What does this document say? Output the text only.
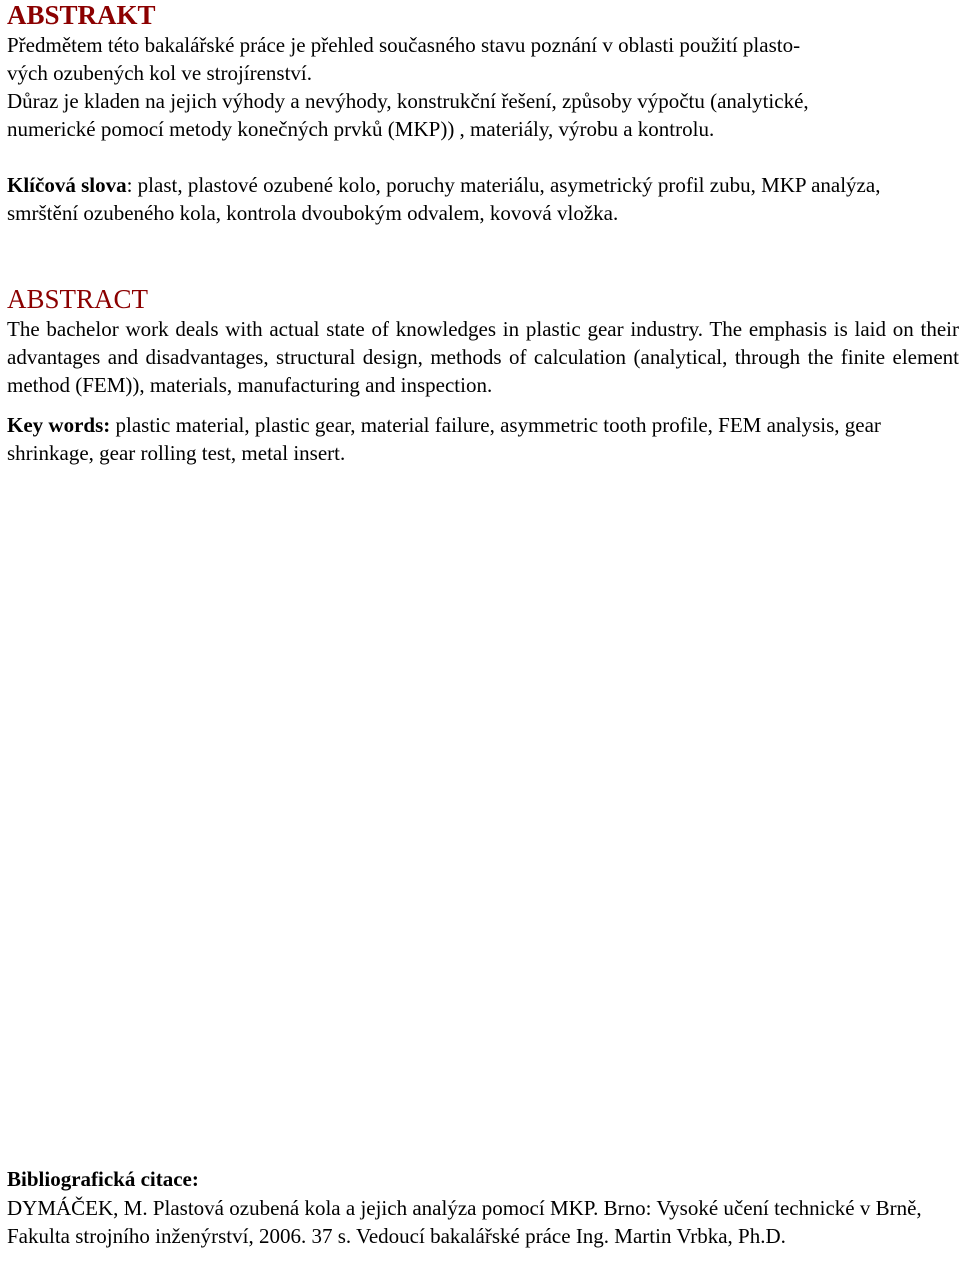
ABSTRAKT
Předmětem této bakalářské práce je přehled současného stavu poznání v oblasti použití plasto-
vých ozubených kol ve strojírenství.
Důraz je kladen na jejich výhody a nevýhody, konstrukční řešení, způsoby výpočtu (analytické,
numerické pomocí metody konečných prvků (MKP)) , materiály, výrobu a kontrolu.

Klíčová slova: plast, plastové ozubené kolo, poruchy materiálu, asymetrický profil zubu, MKP analýza, smrštění ozubeného kola, kontrola dvoubokým odvalem, kovová vložka.

ABSTRACT

The bachelor work deals with actual state of knowledges in plastic gear industry. The emphasis is laid on their advantages and disadvantages, structural design, methods of calculation (analytical, through the finite element method (FEM)), materials, manufacturing and inspection.

Key words: plastic material, plastic gear, material failure, asymmetric tooth profile, FEM analysis, gear shrinkage, gear rolling test, metal insert.

Bibliografická citace:

DYMÁČEK, M. Plastová ozubená kola a jejich analýza pomocí MKP. Brno: Vysoké učení technické v Brně, Fakulta strojního inženýrství, 2006. 37 s. Vedoucí bakalářské práce Ing. Martin Vrbka, Ph.D.
